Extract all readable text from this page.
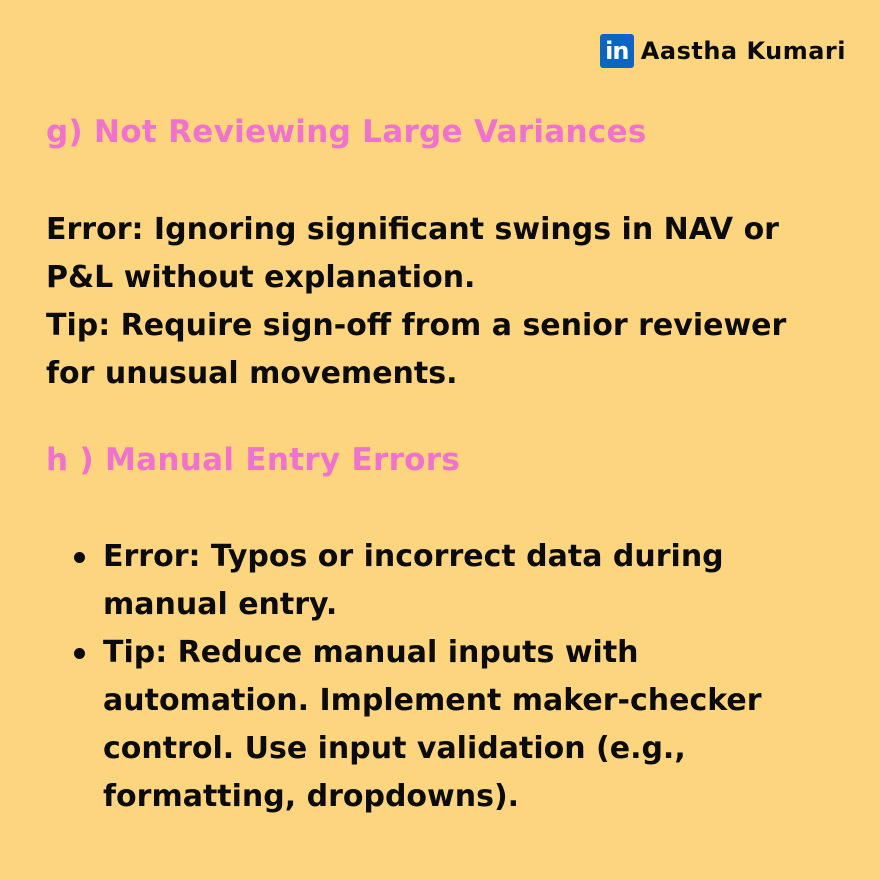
in Aastha Kumari
g) Not Reviewing Large Variances
Error: Ignoring significant swings in NAV or
P&L without explanation.
Tip: Require sign-off from a senior reviewer
for unusual movements.
h ) Manual Entry Errors
Error: Typos or incorrect data during
manual entry.
Tip: Reduce manual inputs with
automation. Implement maker-checker
control. Use input validation (e.g.,
formatting, dropdowns).
